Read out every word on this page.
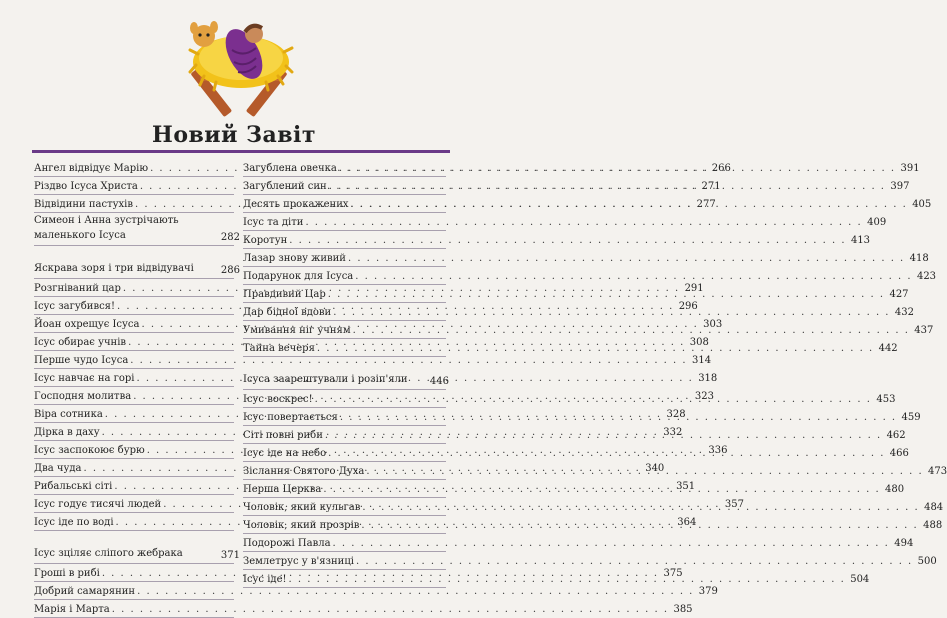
Новий Завіт
Ангел відвідує Марію . . .	266
Різдво Ісуса Христа . . .	271
Відвідини пастухів . . .	277
Симеон і Анна зустрічають маленького Ісуса	282
Яскрава зоря і три відвідувачі	286
Розгніваний цар . . .	291
Ісус загубився! . . .	296
Йоан охрещує Ісуса . . .	303
Ісус обирає учнів . . .	308
Перше чудо Ісуса . . .	314
Ісус навчає на горі . . .	318
Господня молитва . . .	323
Віра сотника . . .	328
Дірка в даху . . .	332
Ісус заспокоює бурю . . .	336
Два чуда . . .	340
Рибальські сіті . . .	351
Ісус годує тисячі людей . . .	357
Ісус іде по воді . . .	364
Ісус зціляє сліпого жебрака	371
Гроші в рибі . . .	375
Добрий самарянин . . .	379
Марія і Марта . . .	385
Загублена овечка . . .	391
Загублений син . . .	397
Десять прокажених . . .	405
Ісус та діти . . .	409
Коротун . . .	413
Лазар знову живий . . .	418
Подарунок для Ісуса . . .	423
Правдивий Цар . . .	427
Дар бідної вдови . . .	432
Умивання ніг учням . . .	437
Тайна вечеря . . .	442
Ісуса заарештували і розіп'яли	446
Ісус воскрес! . . .	453
Ісус повертається . . .	459
Сіті повні риби . . .	462
Ісус іде на небо . . .	466
Зіслання Святого Духа . . .	473
Перша Церква . . .	480
Чоловік, який кульгав . . .	484
Чоловік, який прозрів . . .	488
Подорожі Павла . . .	494
Землетрус у в'язниці . . .	500
Ісус іде! . . .	504
